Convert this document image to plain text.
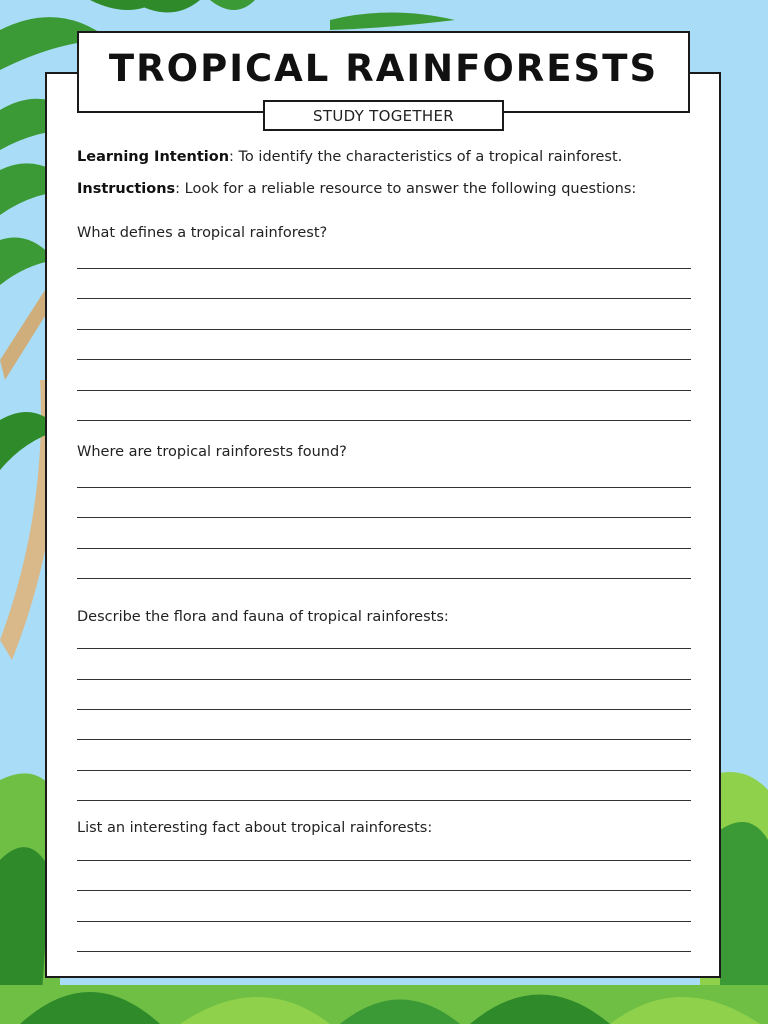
TROPICAL RAINFORESTS
STUDY TOGETHER
Learning Intention: To identify the characteristics of a tropical rainforest.
Instructions: Look for a reliable resource to answer the following questions:
What defines a tropical rainforest?
Where are tropical rainforests found?
Describe the flora and fauna of tropical rainforests:
List an interesting fact about tropical rainforests:
